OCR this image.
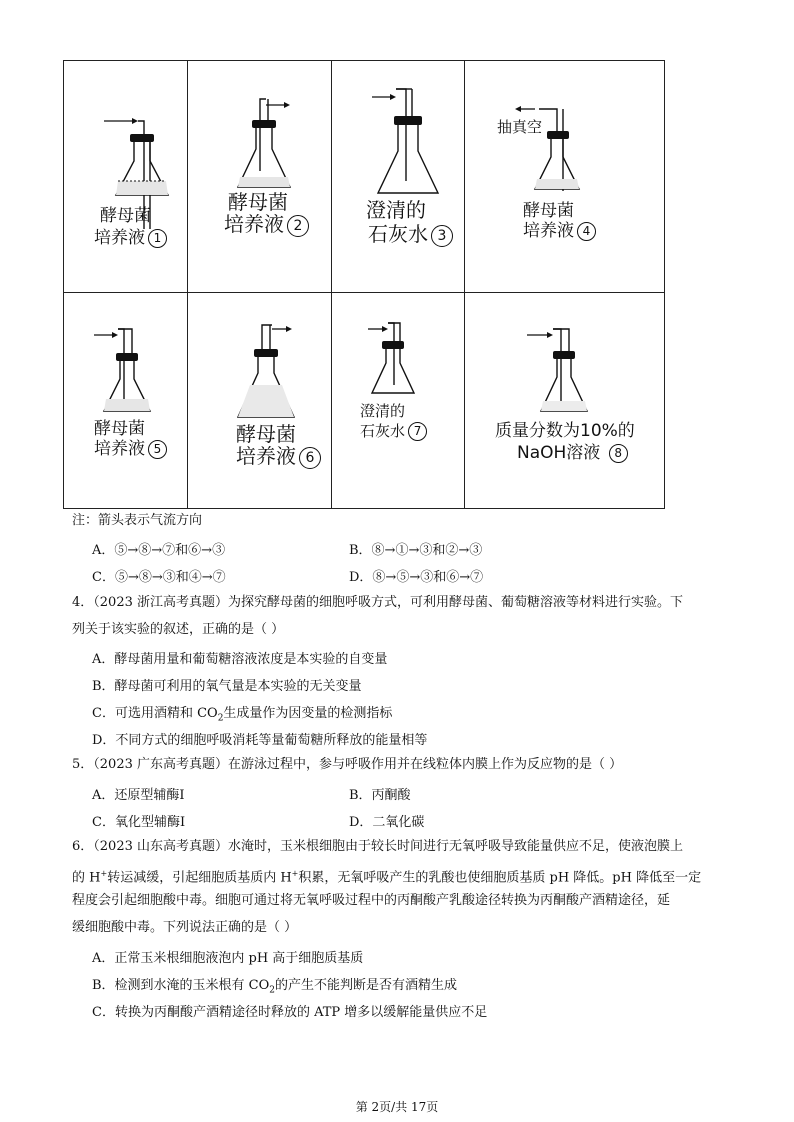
酵母菌
培养液 1
酵母菌
培养液 2
澄清的
石灰水 3
抽真空
酵母菌
培养液 4
酵母菌
培养液 5
酵母菌
培养液 6
澄清的
石灰水 7	质量分数为10%的
NaOH溶液 8
注：箭头表示气流方向
A．⑤→⑧→⑦和⑥→③	B．⑧→①→③和②→③
C．⑤→⑧→③和④→⑦	D．⑧→⑤→③和⑥→⑦
4．（2023 浙江高考真题）为探究酵母菌的细胞呼吸方式，可利用酵母菌、葡萄糖溶液等材料进行实验。下
列关于该实验的叙述，正确的是（ ）
A．酵母菌用量和葡萄糖溶液浓度是本实验的自变量
B．酵母菌可利用的氧气量是本实验的无关变量
C．可选用酒精和 $CO_2$生成量作为因变量的检测指标
D．不同方式的细胞呼吸消耗等量葡萄糖所释放的能量相等
5．（2023 广东高考真题）在游泳过程中，参与呼吸作用并在线粒体内膜上作为反应物的是（ ）
A．还原型辅酶I	B．丙酮酸
C．氧化型辅酶I	D．二氧化碳
6．（2023 山东高考真题）水淹时，玉米根细胞由于较长时间进行无氧呼吸导致能量供应不足，使液泡膜上
的 H+转运减缓，引起细胞质基质内 H+积累，无氧呼吸产生的乳酸也使细胞质基质 pH 降低。pH 降低至一定
程度会引起细胞酸中毒。细胞可通过将无氧呼吸过程中的丙酮酸产乳酸途径转换为丙酮酸产酒精途径，延
缓细胞酸中毒。下列说法正确的是（ ）
A．正常玉米根细胞液泡内 pH 高于细胞质基质
B．检测到水淹的玉米根有 $CO_2$的产生不能判断是否有酒精生成
C．转换为丙酮酸产酒精途径时释放的 ATP 增多以缓解能量供应不足
第 2页/共 17页
